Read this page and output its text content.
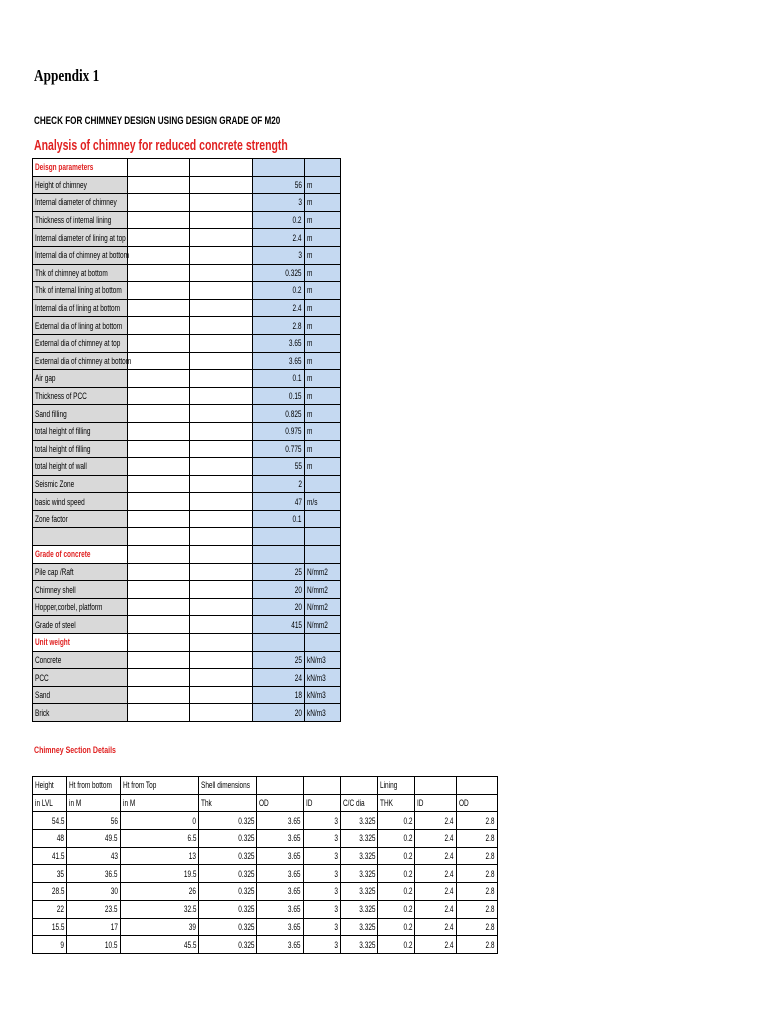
Appendix 1
CHECK FOR CHIMNEY DESIGN USING DESIGN GRADE OF M20
Analysis of chimney for reduced concrete strength
Deisgn parameters				
Height of chimney			56	m
Internal diameter of chimney			3	m
Thickness of internal lining			0.2	m
Internal diameter of lining at top			2.4	m
Internal dia of chimney at bottom			3	m
Thk of chimney at bottom			0.325	m
Thk of internal lining at bottom			0.2	m
Internal dia of lining at bottom			2.4	m
External dia of lining at bottom			2.8	m
External dia of chimney at top			3.65	m
External dia of chimney at bottom			3.65	m
Air gap			0.1	m
Thickness of PCC			0.15	m
Sand filling			0.825	m
total height of filling			0.975	m
total height of filling			0.775	m
total height of wall			55	m
Seismic Zone			2	
basic wind speed			47	m/s
Zone factor			0.1	

Grade of concrete				
Pile cap /Raft			25	N/mm2
Chimney shell			20	N/mm2
Hopper,corbel, platform			20	N/mm2
Grade of steel			415	N/mm2
Unit weight				
Concrete			25	kN/m3
PCC			24	kN/m3
Sand			18	kN/m3
Brick			20	kN/m3
Chimney Section Details
Height	Ht from bottom	Ht from Top	Shell dimensions				Lining		
in LVL	in M	in M	Thk	OD	ID	C/C dia	THK	ID	OD
54.5	56	0	0.325	3.65	3	3.325	0.2	2.4	2.8
48	49.5	6.5	0.325	3.65	3	3.325	0.2	2.4	2.8
41.5	43	13	0.325	3.65	3	3.325	0.2	2.4	2.8
35	36.5	19.5	0.325	3.65	3	3.325	0.2	2.4	2.8
28.5	30	26	0.325	3.65	3	3.325	0.2	2.4	2.8
22	23.5	32.5	0.325	3.65	3	3.325	0.2	2.4	2.8
15.5	17	39	0.325	3.65	3	3.325	0.2	2.4	2.8
9	10.5	45.5	0.325	3.65	3	3.325	0.2	2.4	2.8
